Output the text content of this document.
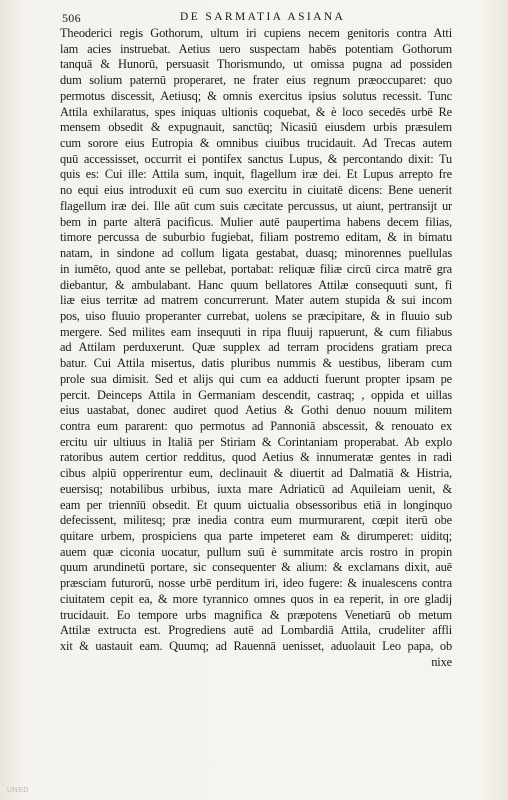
506	DE SARMATIA ASIANA
Theoderici regis Gothorum, ultum iri cupiens necem genitoris contra Atti
lam acies instruebat. Aetius uero suspectam habēs potentiam Gothorum
tanquā & Hunorū, persuasit Thorismundo, ut omissa pugna ad possiden
dum solium paternū properaret, ne frater eius regnum præoccuparet: quo
permotus discessit, Aetiusq; & omnis exercitus ipsius solutus recessit. Tunc
Attila exhilaratus, spes iniquas ultionis coquebat, & è loco secedēs urbē Re
mensem obsedit & expugnauit, sanctūq; Nicasiū eiusdem urbis præsulem
cum sorore eius Eutropia & omnibus ciuibus trucidauit. Ad Trecas autem
quū accessisset, occurrit ei pontifex sanctus Lupus, & percontando dixit: Tu
quis es: Cui ille: Attila sum, inquit, flagellum iræ dei. Et Lupus arrepto fre
no equi eius introduxit eū cum suo exercitu in ciuitatē dicens: Bene uenerit
flagellum iræ dei. Ille aūt cum suis cæcitate percussus, ut aiunt, pertransijt ur
bem in parte alterā pacificus. Mulier autē paupertima habens decem filias,
timore percussa de suburbio fugiebat, filiam postremo editam, & in bimatu
natam, in sindone ad collum ligata gestabat, duasq; minorennes puellulas
in iumēto, quod ante se pellebat, portabat: reliquæ filiæ circū circa matrē gra
diebantur, & ambulabant. Hanc quum bellatores Attilæ consequuti sunt, fi
liæ eius territæ ad matrem concurrerunt. Mater autem stupida & sui incom
pos, uiso fluuio properanter currebat, uolens se præcipitare, & in fluuio sub
mergere. Sed milites eam insequuti in ripa fluuij rapuerunt, & cum filiabus
ad Attilam perduxerunt. Quæ supplex ad terram procidens gratiam preca
batur. Cui Attila misertus, datis pluribus nummis & uestibus, liberam cum
prole sua dimisit. Sed et alijs qui cum ea adducti fuerunt propter ipsam pe
percit. Deinceps Attila in Germaniam descendit, castraq; , oppida et uillas
eius uastabat, donec audiret quod Aetius & Gothi denuo nouum militem
contra eum pararent: quo permotus ad Pannoniā abscessit, & renouato ex
ercitu uir ultiuus in Italiā per Stiriam & Corintaniam properabat. Ab explo
ratoribus autem certior redditus, quod Aetius & innumeratæ gentes in radi
cibus alpiū opperirentur eum, declinauit & diuertit ad Dalmatiā & Histria,
euersisq; notabilibus urbibus, iuxta mare Adriaticū ad Aquileiam uenit, &
eam per triennīū obsedit. Et quum uictualia obsessoribus etiā in longinquo
defecissent, militesq; præ inedia contra eum murmurarent, cœpit iterū obe
quitare urbem, prospiciens qua parte impeteret eam & dirumperet: uiditq;
auem quæ ciconia uocatur, pullum suū è summitate arcis rostro in propin
quum arundinetū portare, sic consequenter & alium: & exclamans dixit, auē
præsciam futurorū, nosse urbē perditum iri, ideo fugere: & inualescens contra
ciuitatem cepit ea, & more tyrannico omnes quos in ea reperit, in ore gladij
trucidauit. Eo tempore urbs magnifica & præpotens Venetiarū ob metum
Attilæ extructa est. Progrediens autē ad Lombardiā Attila, crudeliter affli
xit & uastauit eam. Quumq; ad Rauennā uenisset, aduolauit Leo papa, ob
nixe
UNED
